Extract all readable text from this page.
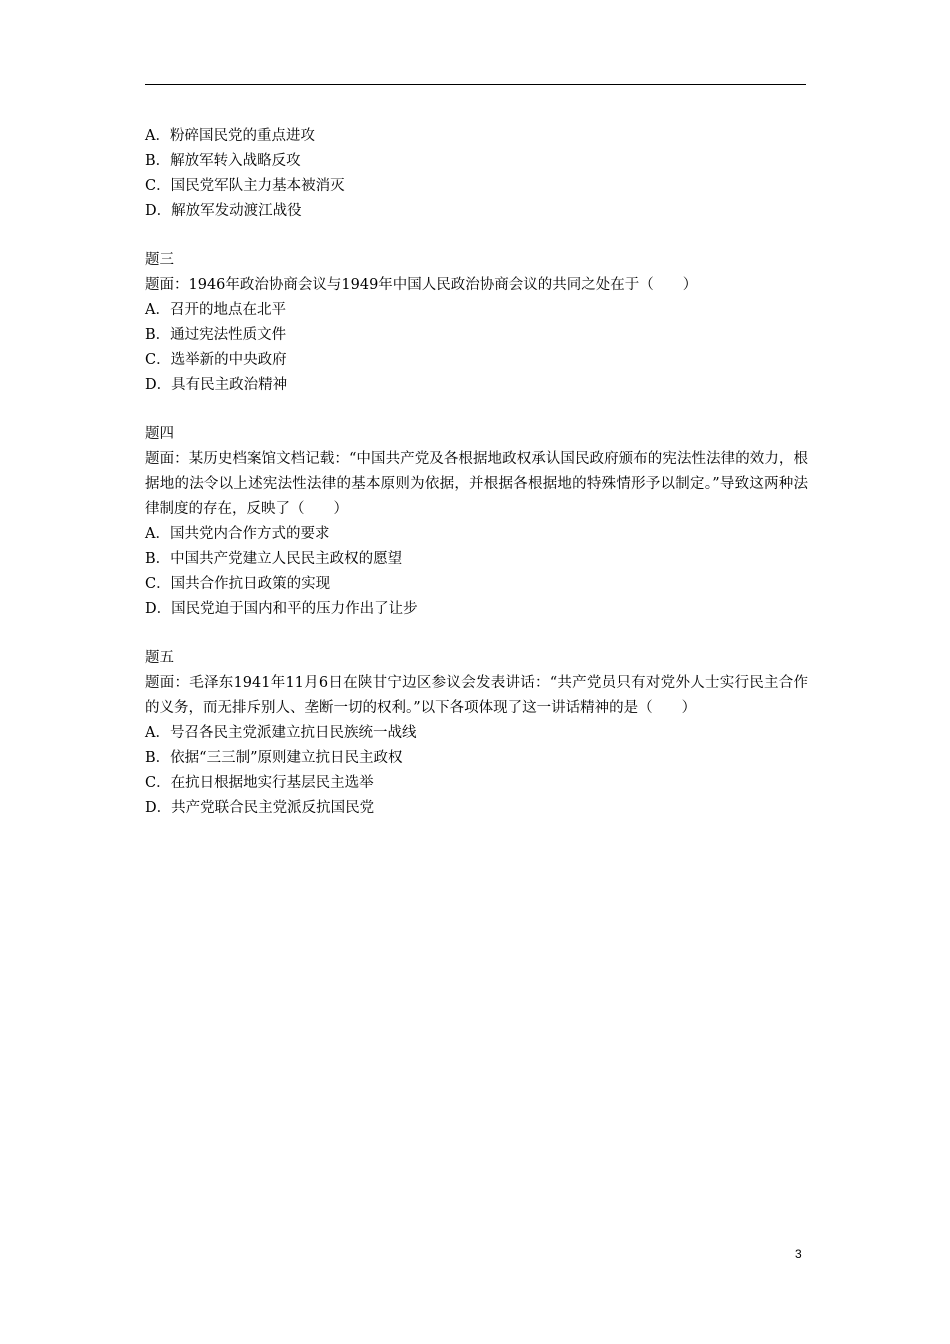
A．粉碎国民党的重点进攻
B．解放军转入战略反攻
C．国民党军队主力基本被消灭
D．解放军发动渡江战役
题三
题面：1946年政治协商会议与1949年中国人民政治协商会议的共同之处在于（　　）
A．召开的地点在北平
B．通过宪法性质文件
C．选举新的中央政府
D．具有民主政治精神
题四
题面：某历史档案馆文档记载：“中国共产党及各根据地政权承认国民政府颁布的宪法性法律的效力，根据地的法令以上述宪法性法律的基本原则为依据，并根据各根据地的特殊情形予以制定。”导致这两种法律制度的存在，反映了（　　）
A．国共党内合作方式的要求
B．中国共产党建立人民民主政权的愿望
C．国共合作抗日政策的实现
D．国民党迫于国内和平的压力作出了让步
题五
题面：毛泽东1941年11月6日在陕甘宁边区参议会发表讲话：“共产党员只有对党外人士实行民主合作的义务，而无排斥别人、垄断一切的权利。”以下各项体现了这一讲话精神的是（　　）
A．号召各民主党派建立抗日民族统一战线
B．依据“三三制”原则建立抗日民主政权
C．在抗日根据地实行基层民主选举
D．共产党联合民主党派反抗国民党
3
